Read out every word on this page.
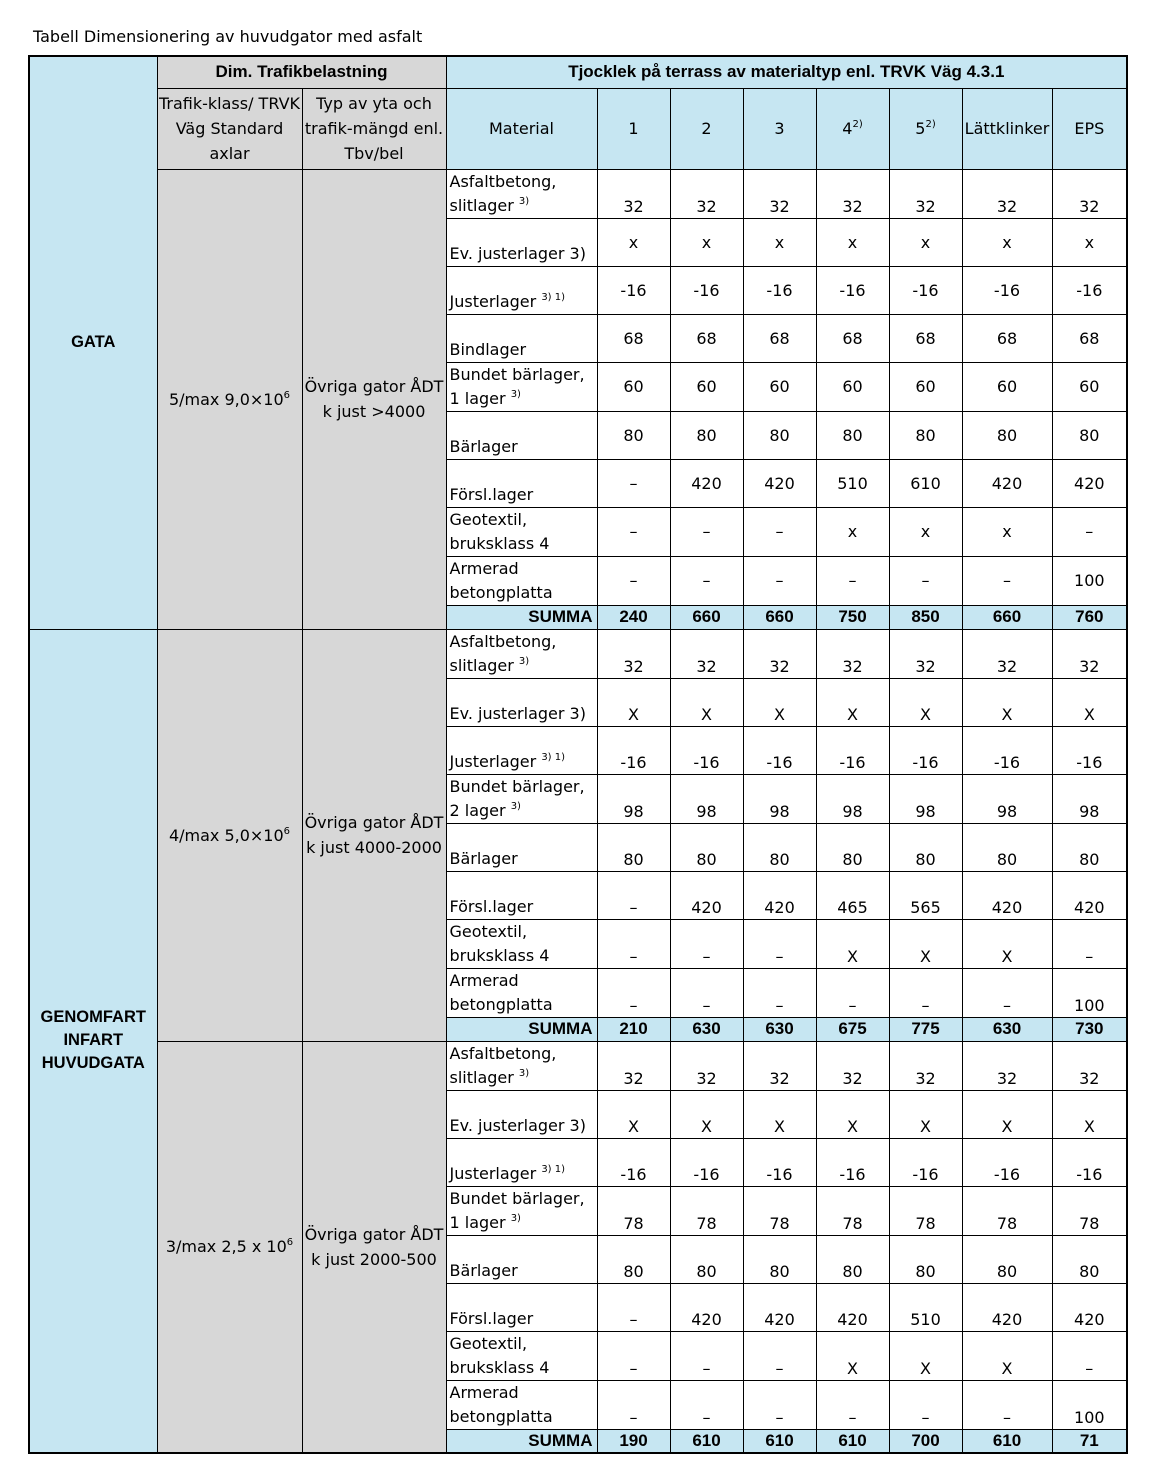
Tabell Dimensionering av huvudgator med asfalt
GATA	Dim. Trafikbelastning		Tjocklek på terrass av materialtyp enl. TRVK Väg 4.3.1							
	Trafik-klass/ TRVK Väg Standard axlar	Typ av yta och trafik-mängd enl. Tbv/bel	Material	1	2	3	4$^{2)}$	5$^{2)}$	Lättklinker	EPS
	5/max $9,0\times 10^6$	Övriga gator ÅDT k just >4000	Asfaltbetong, slitlager $^{3)}$	32	32	32	32	32	32	32
			Ev. justerlager 3)	x	x	x	x	x	x	x
			Justerlager $^{3) 1)}$	-16	-16	-16	-16	-16	-16	-16
			Bindlager	68	68	68	68	68	68	68
			Bundet bärlager, 1 lager $^{3)}$	60	60	60	60	60	60	60
			Bärlager	80	80	80	80	80	80	80
			Försl.lager	–	420	420	510	610	420	420
			Geotextil, bruksklass 4	–	–	–	x	x	x	–
			Armerad betongplatta	–	–	–	–	–	–	100
			SUMMA	240	660	660	750	850	660	760
GENOMFART
INFART
HUVUDGATA	4/max $5,0\times 10^6$	Övriga gator ÅDT k just 4000-2000	Asfaltbetong, slitlager $^{3)}$	32	32	32	32	32	32	32
			Ev. justerlager 3)	X	X	X	X	X	X	X
			Justerlager $^{3) 1)}$	-16	-16	-16	-16	-16	-16	-16
			Bundet bärlager, 2 lager $^{3)}$	98	98	98	98	98	98	98
			Bärlager	80	80	80	80	80	80	80
			Försl.lager	–	420	420	465	565	420	420
			Geotextil, bruksklass 4	–	–	–	X	X	X	–
			Armerad betongplatta	–	–	–	–	–	–	100
			SUMMA	210	630	630	675	775	630	730
	3/max 2,5 x $10^6$	Övriga gator ÅDT k just 2000-500	Asfaltbetong, slitlager $^{3)}$	32	32	32	32	32	32	32
			Ev. justerlager 3)	X	X	X	X	X	X	X
			Justerlager $^{3) 1)}$	-16	-16	-16	-16	-16	-16	-16
			Bundet bärlager, 1 lager $^{3)}$	78	78	78	78	78	78	78
			Bärlager	80	80	80	80	80	80	80
			Försl.lager	–	420	420	420	510	420	420
			Geotextil, bruksklass 4	–	–	–	X	X	X	–
			Armerad betongplatta	–	–	–	–	–	–	100
			SUMMA	190	610	610	610	700	610	71
